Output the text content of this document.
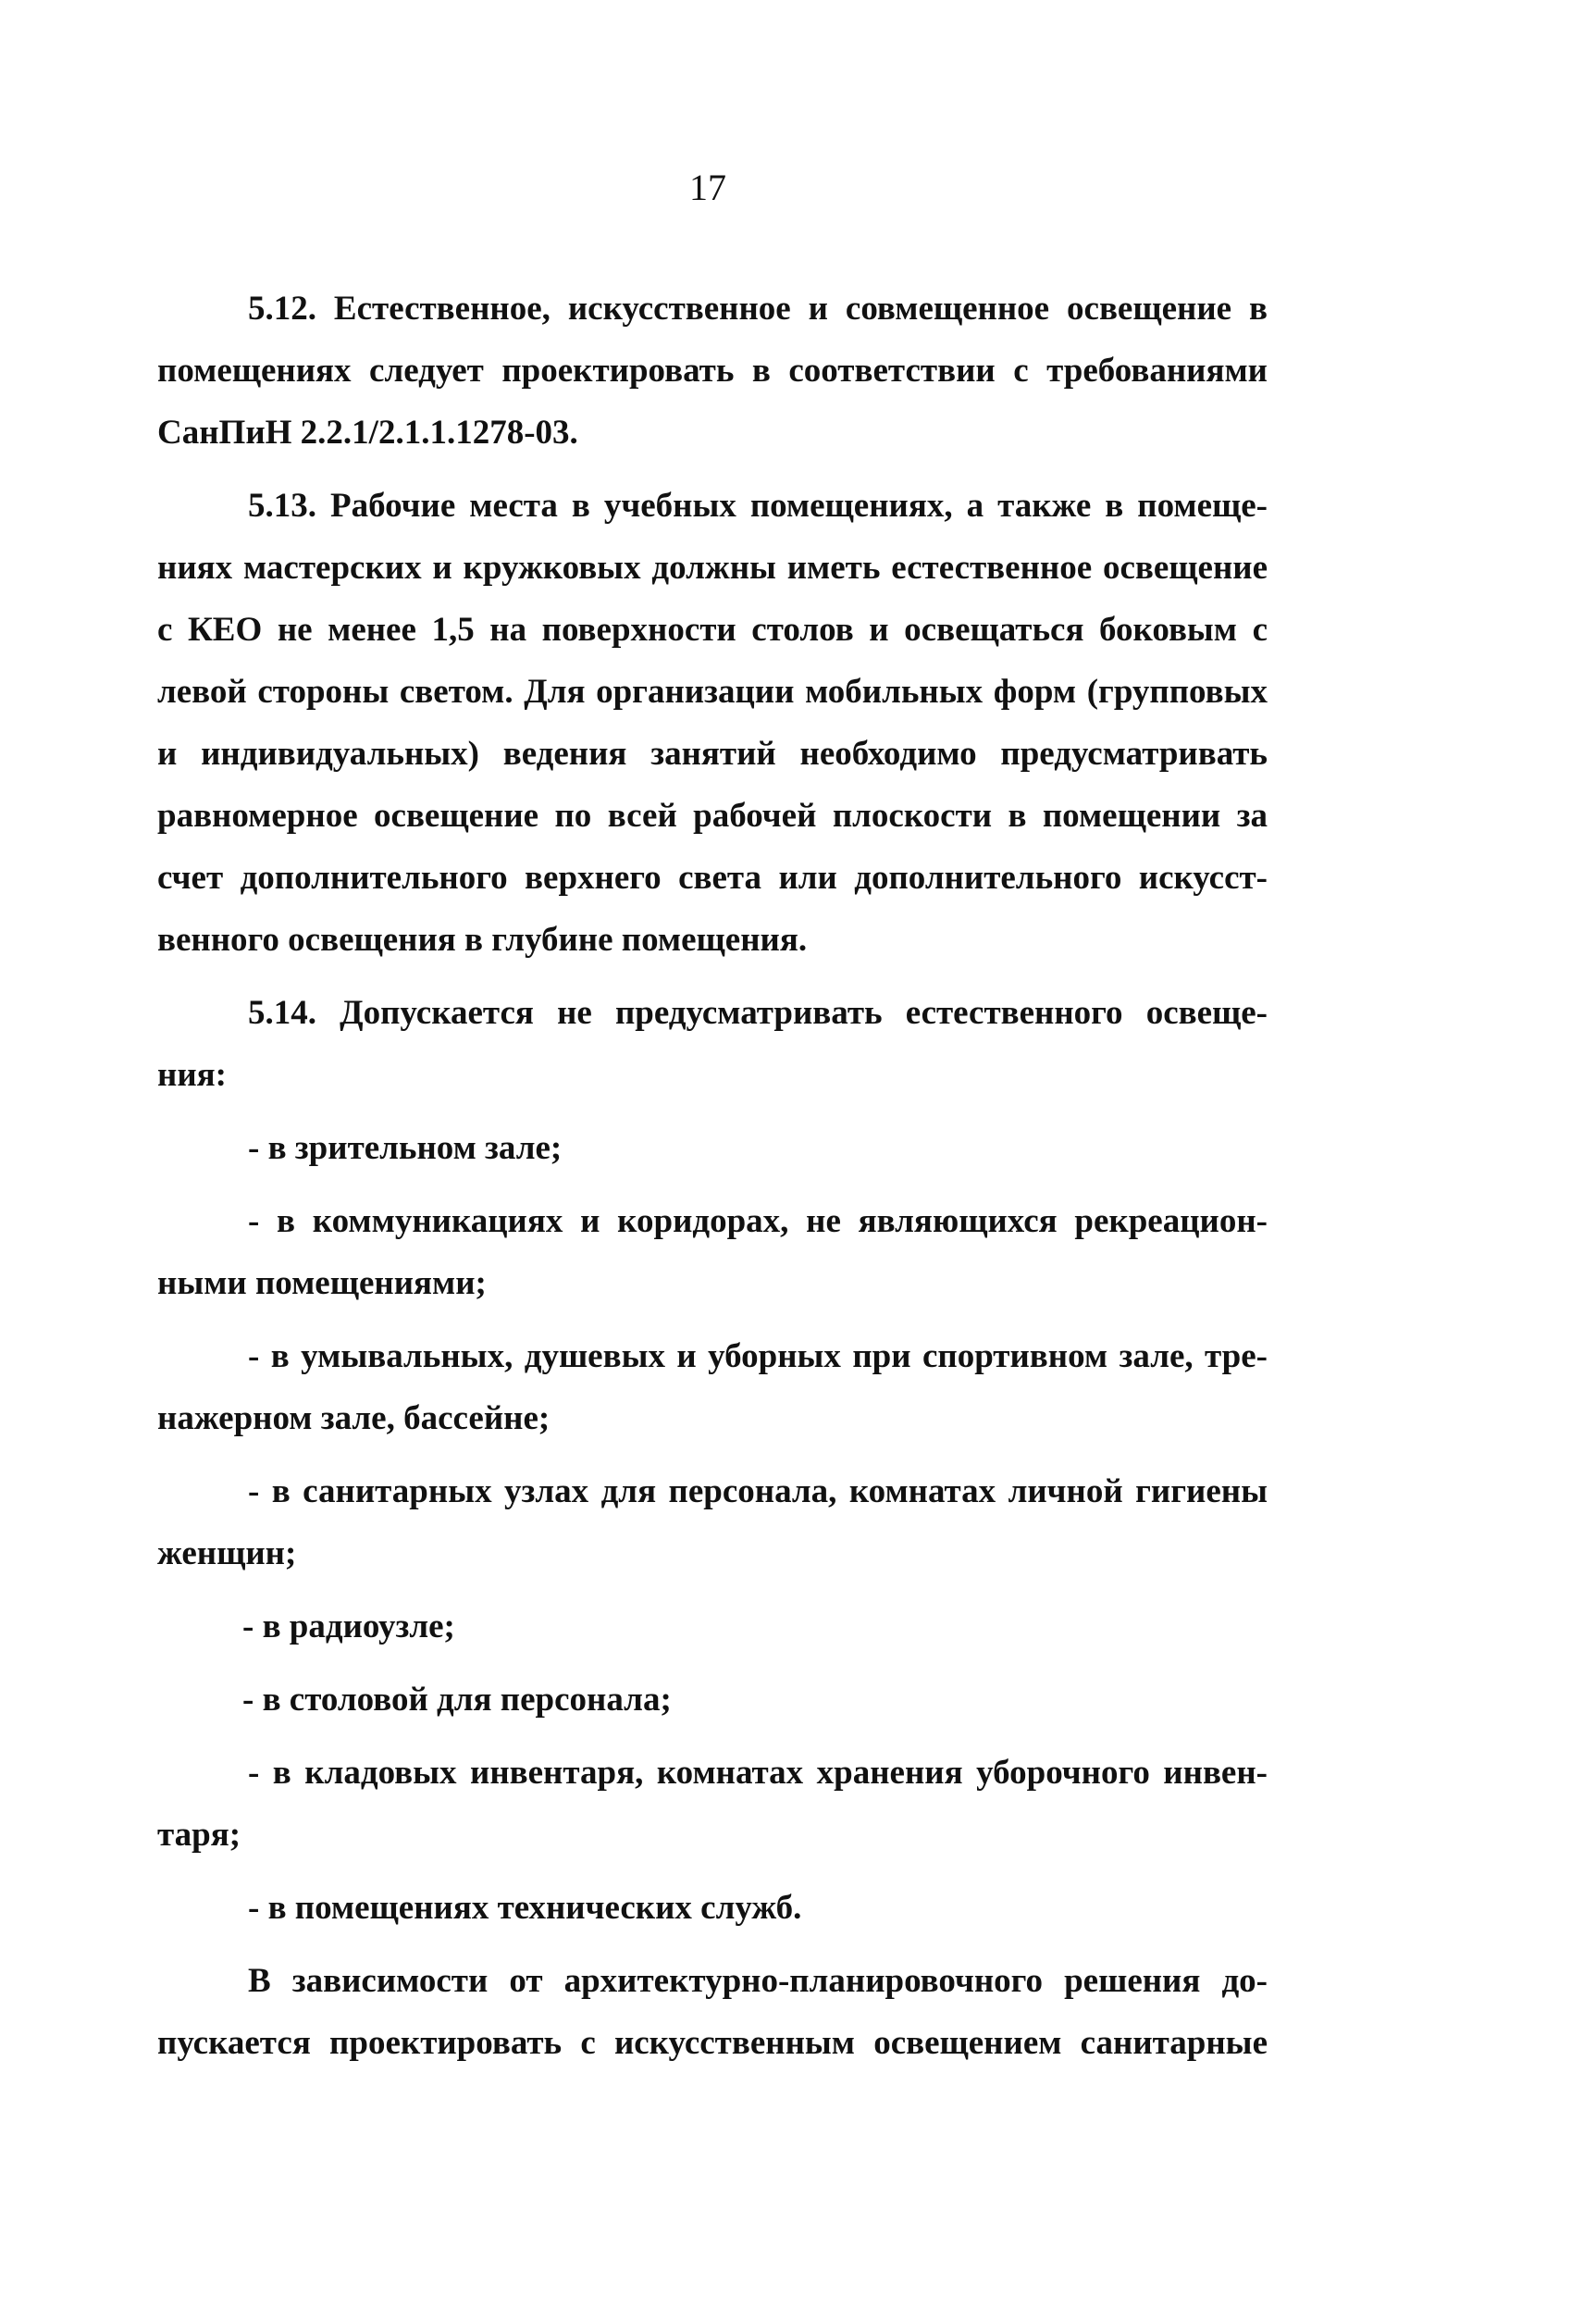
17
5.12. Естественное, искусственное и совмещенное освещение в
помещениях следует проектировать в соответствии с требованиями
СанПиН 2.2.1/2.1.1.1278-03.
5.13. Рабочие места в учебных помещениях, а также в помеще-
ниях мастерских и кружковых должны иметь естественное освещение
с КЕО не менее 1,5 на поверхности столов и освещаться боковым с
левой стороны светом. Для организации мобильных форм (групповых
и индивидуальных) ведения занятий необходимо предусматривать
равномерное освещение по всей рабочей плоскости в помещении за
счет дополнительного верхнего света или дополнительного искусст-
венного освещения в глубине помещения.
5.14. Допускается не предусматривать естественного освеще-
ния:
- в зрительном зале;
- в коммуникациях и коридорах, не являющихся рекреацион-
ными помещениями;
- в умывальных, душевых и уборных при спортивном зале, тре-
нажерном зале, бассейне;
- в санитарных узлах для персонала, комнатах личной гигиены
женщин;
- в радиоузле;
- в столовой для персонала;
- в кладовых инвентаря, комнатах хранения уборочного инвен-
таря;
- в помещениях технических служб.
В зависимости от архитектурно-планировочного решения до-
пускается проектировать с искусственным освещением санитарные
